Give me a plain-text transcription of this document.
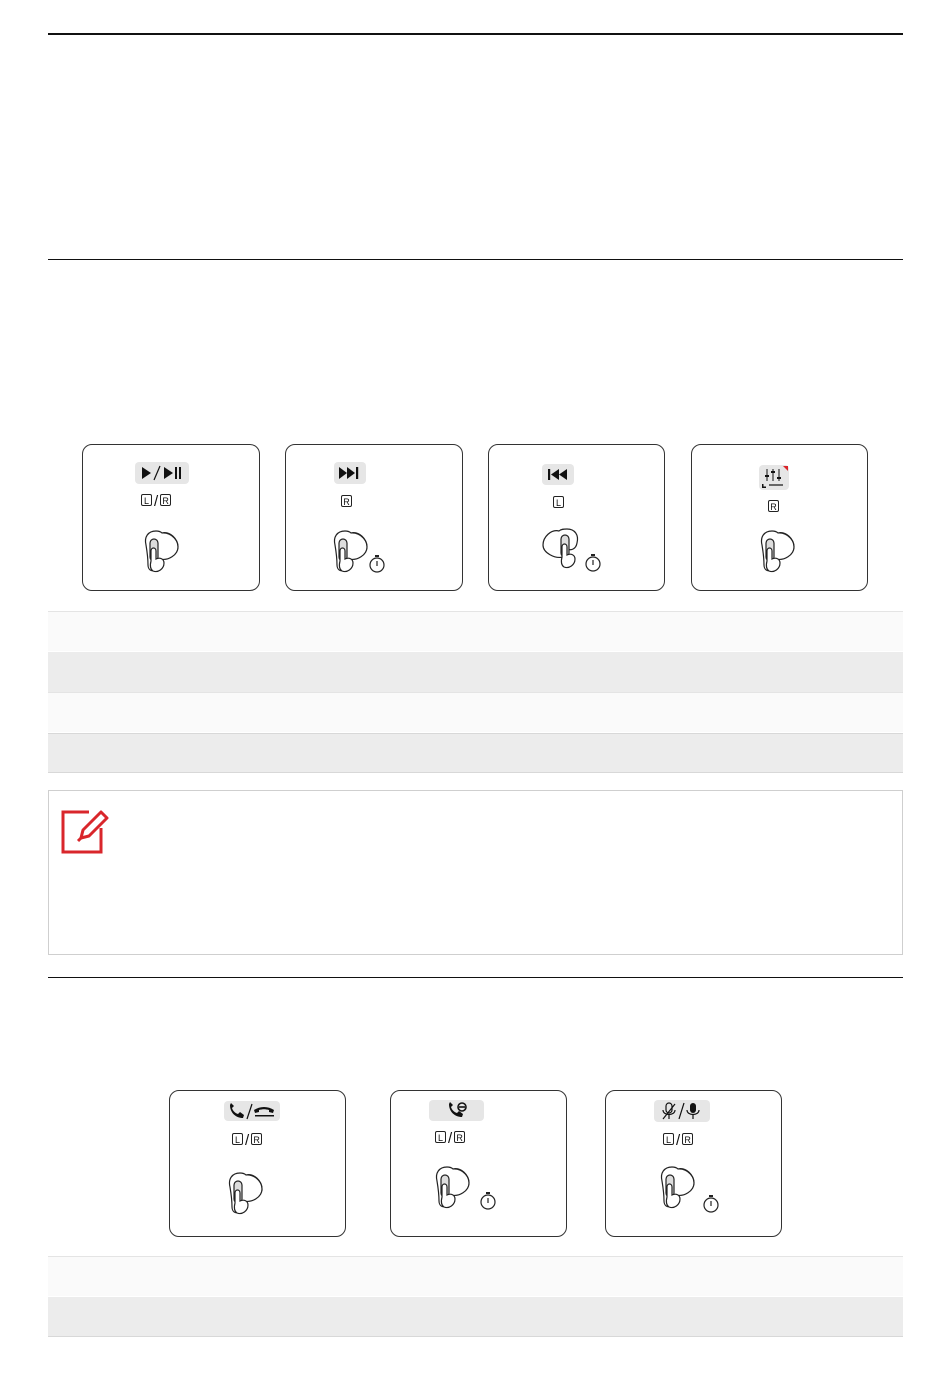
L / R	R	L	R
L / R	L / R	L / R
